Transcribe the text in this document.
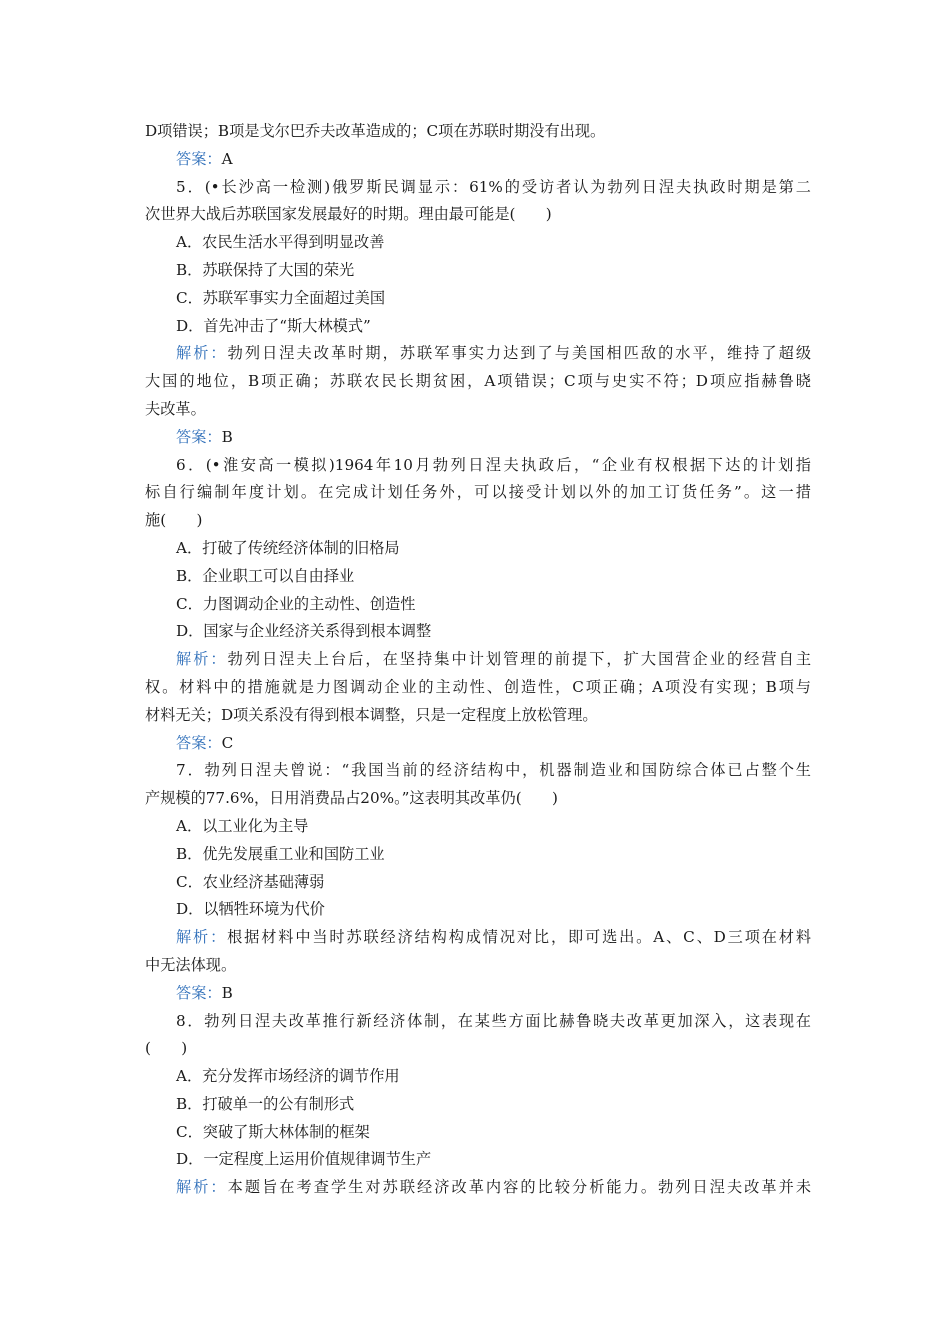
D项错误；B项是戈尔巴乔夫改革造成的；C项在苏联时期没有出现。
答案：A
5．(•长沙高一检测)俄罗斯民调显示：61%的受访者认为勃列日涅夫执政时期是第二
次世界大战后苏联国家发展最好的时期。理由最可能是(　　)
A．农民生活水平得到明显改善
B．苏联保持了大国的荣光
C．苏联军事实力全面超过美国
D．首先冲击了“斯大林模式”
解析：勃列日涅夫改革时期，苏联军事实力达到了与美国相匹敌的水平，维持了超级
大国的地位，B项正确；苏联农民长期贫困，A项错误；C项与史实不符；D项应指赫鲁晓
夫改革。
答案：B
6．(•淮安高一模拟)1964年10月勃列日涅夫执政后，“企业有权根据下达的计划指
标自行编制年度计划。在完成计划任务外，可以接受计划以外的加工订货任务”。这一措
施(　　)
A．打破了传统经济体制的旧格局
B．企业职工可以自由择业
C．力图调动企业的主动性、创造性
D．国家与企业经济关系得到根本调整
解析：勃列日涅夫上台后，在坚持集中计划管理的前提下，扩大国营企业的经营自主
权。材料中的措施就是力图调动企业的主动性、创造性，C项正确；A项没有实现；B项与
材料无关；D项关系没有得到根本调整，只是一定程度上放松管理。
答案：C
7．勃列日涅夫曾说：“我国当前的经济结构中，机器制造业和国防综合体已占整个生
产规模的77.6%，日用消费品占20%。”这表明其改革仍(　　)
A．以工业化为主导
B．优先发展重工业和国防工业
C．农业经济基础薄弱
D．以牺牲环境为代价
解析：根据材料中当时苏联经济结构构成情况对比，即可选出。A、C、D三项在材料
中无法体现。
答案：B
8．勃列日涅夫改革推行新经济体制，在某些方面比赫鲁晓夫改革更加深入，这表现在
(　　)
A．充分发挥市场经济的调节作用
B．打破单一的公有制形式
C．突破了斯大林体制的框架
D．一定程度上运用价值规律调节生产
解析：本题旨在考查学生对苏联经济改革内容的比较分析能力。勃列日涅夫改革并未
